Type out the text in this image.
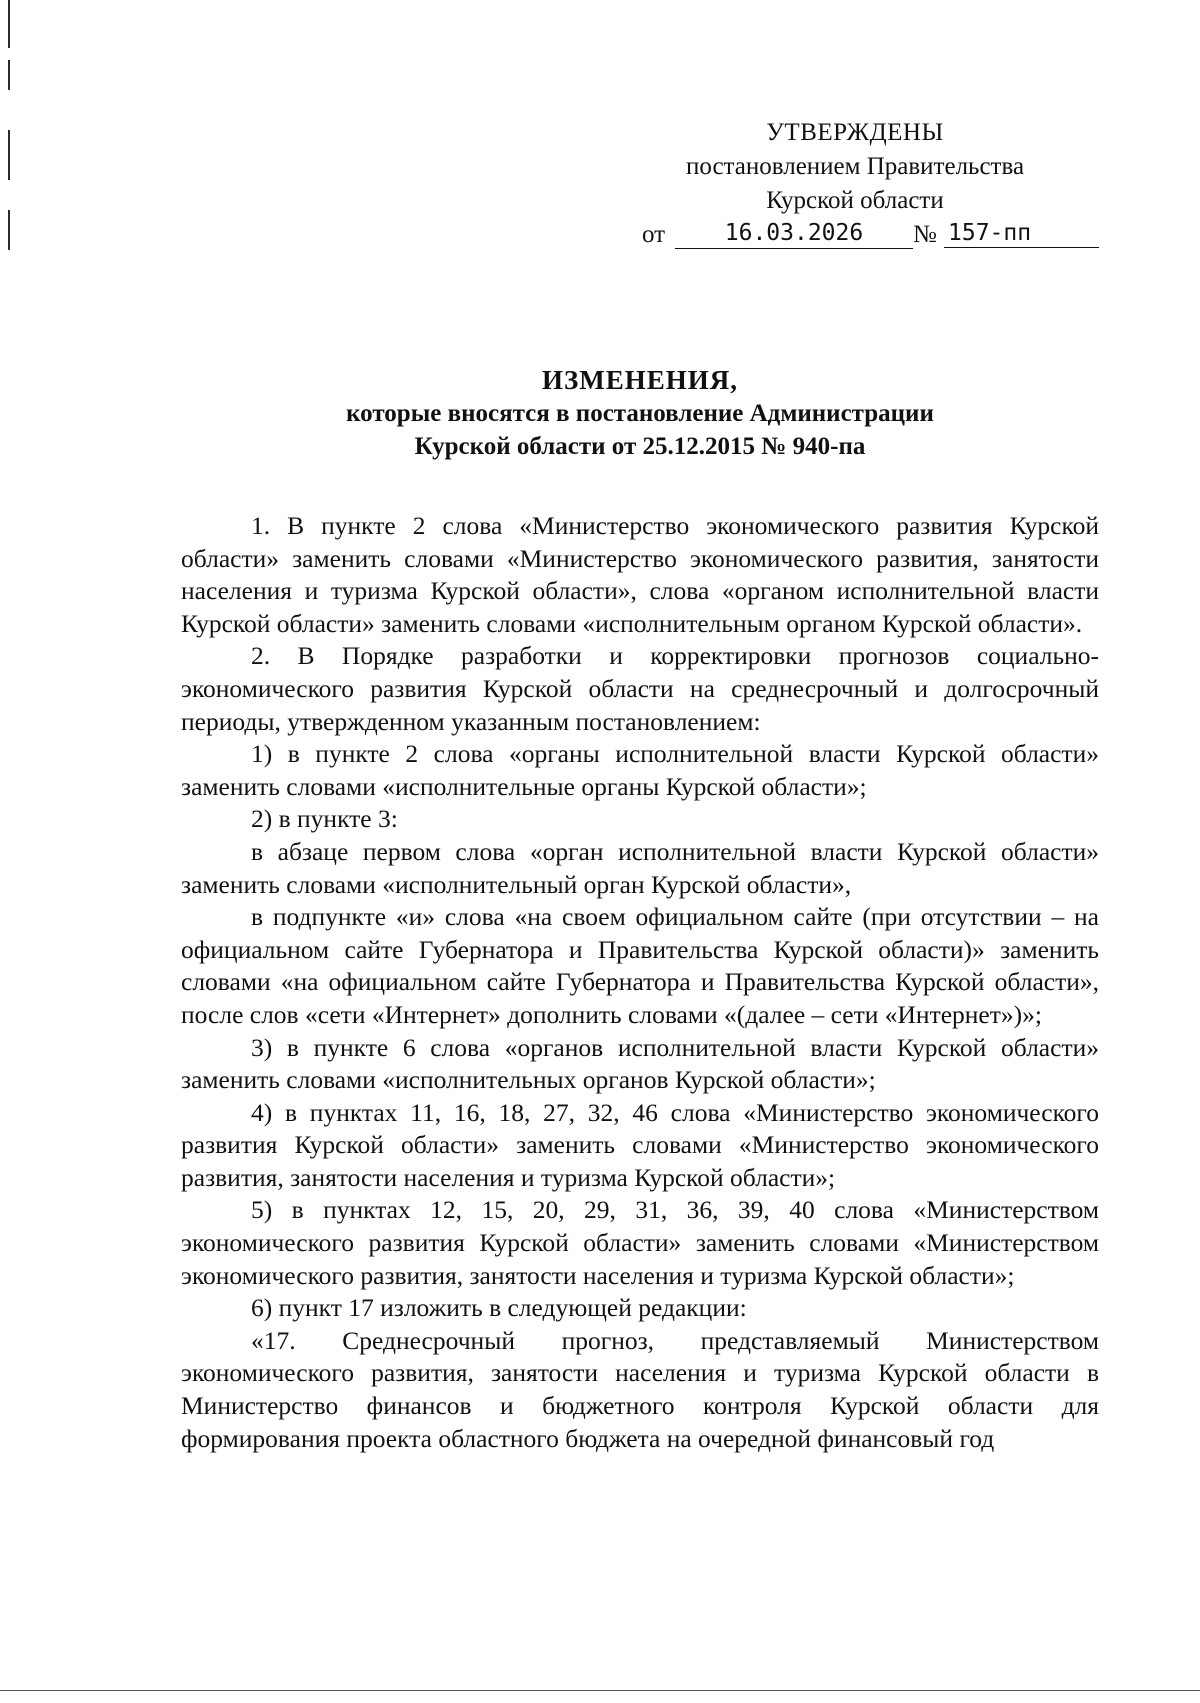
УТВЕРЖДЕНЫ
постановлением Правительства
Курской области
от	16.03.2026	№ 157-пп
ИЗМЕНЕНИЯ,
которые вносятся в постановление Администрации
Курской области от 25.12.2015 № 940-па

1. В пункте 2 слова «Министерство экономического развития Курской области» заменить словами «Министерство экономического развития, занятости населения и туризма Курской области», слова «органом исполнительной власти Курской области» заменить словами «исполнительным органом Курской области».

2. В Порядке разработки и корректировки прогнозов социально-экономического развития Курской области на среднесрочный и долгосрочный периоды, утвержденном указанным постановлением:

1) в пункте 2 слова «органы исполнительной власти Курской области» заменить словами «исполнительные органы Курской области»;

2) в пункте 3:

в абзаце первом слова «орган исполнительной власти Курской области» заменить словами «исполнительный орган Курской области»,

в подпункте «и» слова «на своем официальном сайте (при отсутствии – на официальном сайте Губернатора и Правительства Курской области)» заменить словами «на официальном сайте Губернатора и Правительства Курской области», после слов «сети «Интернет» дополнить словами «(далее – сети «Интернет»)»;

3) в пункте 6 слова «органов исполнительной власти Курской области» заменить словами «исполнительных органов Курской области»;

4) в пунктах 11, 16, 18, 27, 32, 46 слова «Министерство экономического развития Курской области» заменить словами «Министерство экономического развития, занятости населения и туризма Курской области»;

5) в пунктах 12, 15, 20, 29, 31, 36, 39, 40 слова «Министерством экономического развития Курской области» заменить словами «Министерством экономического развития, занятости населения и туризма Курской области»;

6) пункт 17 изложить в следующей редакции:

«17. Среднесрочный прогноз, представляемый Министерством экономического развития, занятости населения и туризма Курской области в Министерство финансов и бюджетного контроля Курской области для формирования проекта областного бюджета на очередной финансовый год
